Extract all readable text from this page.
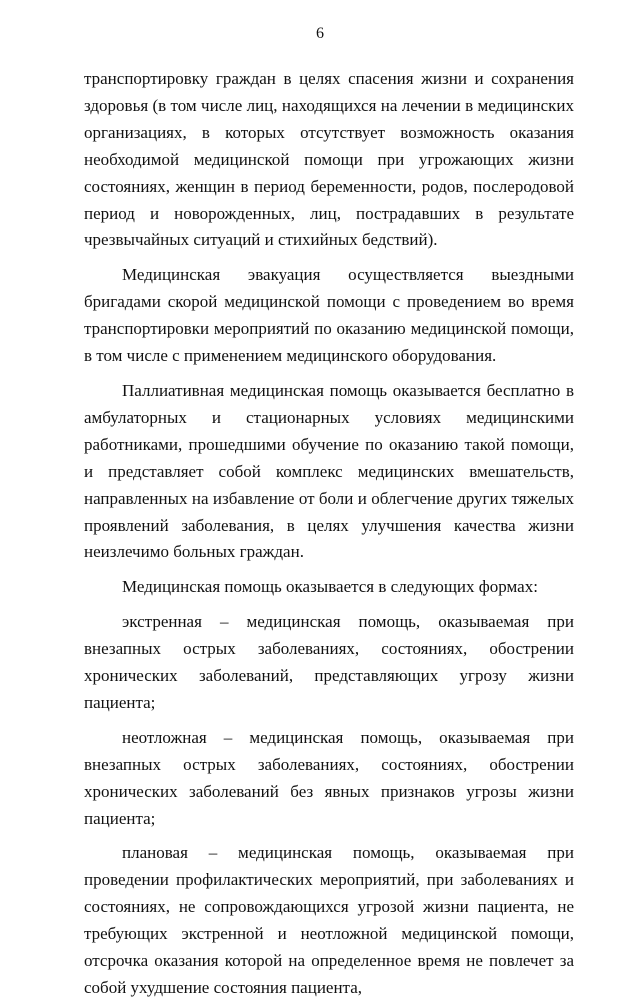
6

транспортировку граждан в целях спасения жизни и сохранения здоровья (в том числе лиц, находящихся на лечении в медицинских организациях, в которых отсутствует возможность оказания необходимой медицинской помощи при угрожающих жизни состояниях, женщин в период беременности, родов, послеродовой период и новорожденных, лиц, пострадавших в результате чрезвычайных ситуаций и стихийных бедствий).

Медицинская эвакуация осуществляется выездными бригадами скорой медицинской помощи с проведением во время транспортировки мероприятий по оказанию медицинской помощи, в том числе с применением медицинского оборудования.

Паллиативная медицинская помощь оказывается бесплатно в амбулаторных и стационарных условиях медицинскими работниками, прошедшими обучение по оказанию такой помощи, и представляет собой комплекс медицинских вмешательств, направленных на избавление от боли и облегчение других тяжелых проявлений заболевания, в целях улучшения качества жизни неизлечимо больных граждан.

Медицинская помощь оказывается в следующих формах:

экстренная – медицинская помощь, оказываемая при внезапных острых заболеваниях, состояниях, обострении хронических заболеваний, представляющих угрозу жизни пациента;

неотложная – медицинская помощь, оказываемая при внезапных острых заболеваниях, состояниях, обострении хронических заболеваний без явных признаков угрозы жизни пациента;

плановая – медицинская помощь, оказываемая при проведении профилактических мероприятий, при заболеваниях и состояниях, не сопровождающихся угрозой жизни пациента, не требующих экстренной и неотложной медицинской помощи, отсрочка оказания которой на определенное время не повлечет за собой ухудшение состояния пациента,
